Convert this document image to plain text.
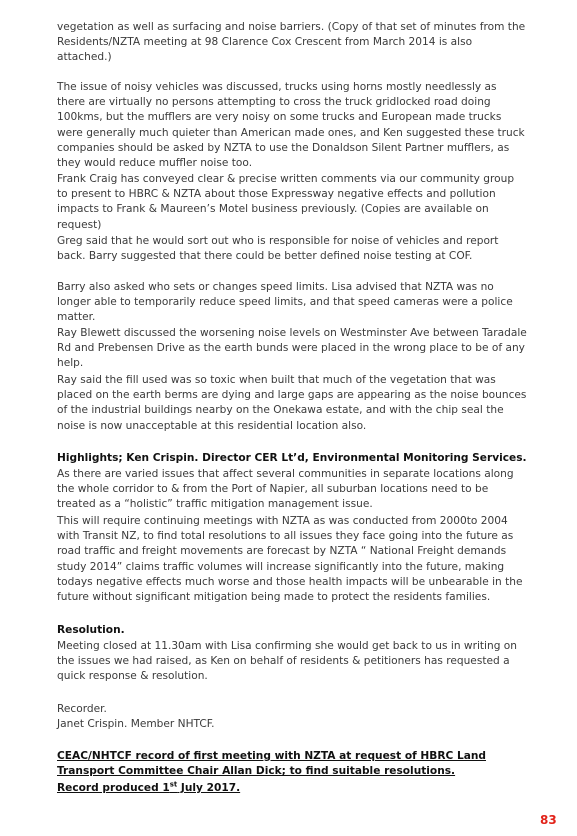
vegetation as well as surfacing and noise barriers. (Copy of that set of minutes from the Residents/NZTA meeting at 98 Clarence Cox Crescent from March 2014 is also attached.)

The issue of noisy vehicles was discussed, trucks using horns mostly needlessly as there are virtually no persons attempting to cross the truck gridlocked road doing 100kms, but the mufflers are very noisy on some trucks and European made trucks were generally much quieter than American made ones, and Ken suggested these truck companies should be asked by NZTA to use the Donaldson Silent Partner mufflers, as they would reduce muffler noise too.

Frank Craig has conveyed clear & precise written comments via our community group to present to HBRC & NZTA about those Expressway negative effects and pollution impacts to Frank & Maureen’s Motel business previously. (Copies are available on request)

Greg said that he would sort out who is responsible for noise of vehicles and report back. Barry suggested that there could be better defined noise testing at COF.

Barry also asked who sets or changes speed limits. Lisa advised that NZTA was no longer able to temporarily reduce speed limits, and that speed cameras were a police matter.

Ray Blewett discussed the worsening noise levels on Westminster Ave between Taradale Rd and Prebensen Drive as the earth bunds were placed in the wrong place to be of any help.

Ray said the fill used was so toxic when built that much of the vegetation that was placed on the earth berms are dying and large gaps are appearing as the noise bounces of the industrial buildings nearby on the Onekawa estate, and with the chip seal the noise is now unacceptable at this residential location also.

Highlights; Ken Crispin. Director CER Lt’d, Environmental Monitoring Services.

As there are varied issues that affect several communities in separate locations along the whole corridor to & from the Port of Napier, all suburban locations need to be treated as a “holistic” traffic mitigation management issue.

This will require continuing meetings with NZTA as was conducted from 2000to 2004 with Transit NZ, to find total resolutions to all issues they face going into the future as road traffic and freight movements are forecast by NZTA “ National Freight demands study 2014” claims traffic volumes will increase significantly into the future, making todays negative effects much worse and those health impacts will be unbearable in the future without significant mitigation being made to protect the residents families.

Resolution.

Meeting closed at 11.30am with Lisa confirming she would get back to us in writing on the issues we had raised, as Ken on behalf of residents & petitioners has requested a quick response & resolution.

Recorder.

Janet Crispin. Member NHTCF.

CEAC/NHTCF record of first meeting with NZTA at request of HBRC Land Transport Committee Chair Allan Dick; to find suitable resolutions.

Record produced 1st July 2017.

83
